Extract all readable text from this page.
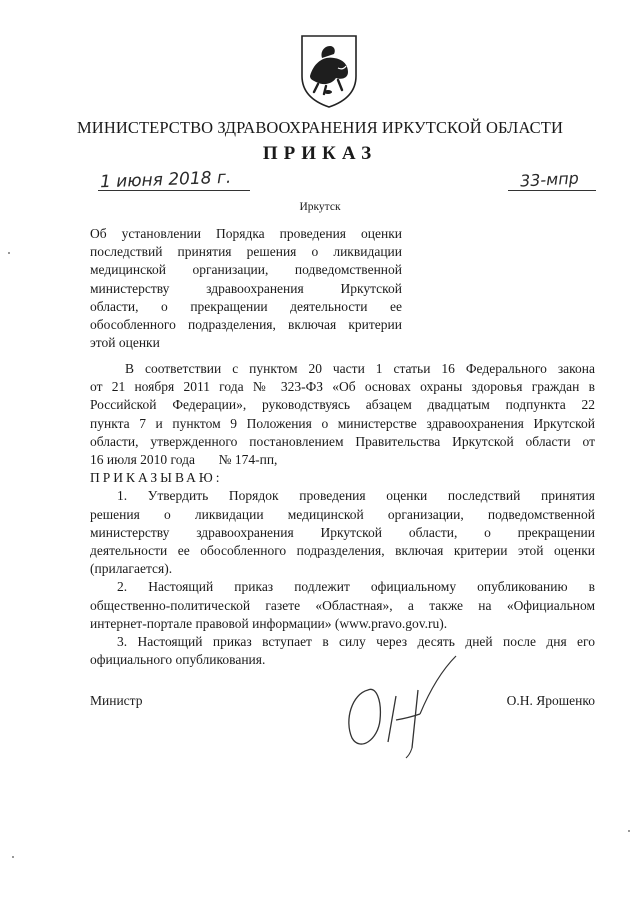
МИНИСТЕРСТВО ЗДРАВООХРАНЕНИЯ ИРКУТСКОЙ ОБЛАСТИ
ПРИКАЗ
1 июня 2018 г.	33-мпр
Иркутск
Об установлении Порядка проведения оценки
последствий принятия решения о ликвидации
медицинской организации, подведомственной
министерству здравоохранения Иркутской
области, о прекращении деятельности ее
обособленного подразделения, включая критерии
этой оценки
В соответствии с пунктом 20 части 1 статьи 16 Федерального закона
от 21 ноября 2011 года № 323-ФЗ «Об основах охраны здоровья граждан в
Российской Федерации», руководствуясь абзацем двадцатым подпункта 22
пункта 7 и пунктом 9 Положения о министерстве здравоохранения Иркутской
области, утвержденного постановлением Правительства Иркутской области от
16 июля 2010 года       № 174-пп,
ПРИКАЗЫВАЮ:
1. Утвердить Порядок проведения оценки последствий принятия
решения о ликвидации медицинской организации, подведомственной
министерству здравоохранения Иркутской области, о прекращении
деятельности ее обособленного подразделения, включая критерии этой оценки
(прилагается).
2. Настоящий приказ подлежит официальному опубликованию в
общественно-политической газете «Областная», а также на «Официальном
интернет-портале правовой информации» (www.pravo.gov.ru).
3. Настоящий приказ вступает в силу через десять дней после дня его
официального опубликования.
Министр	О.Н. Ярошенко
